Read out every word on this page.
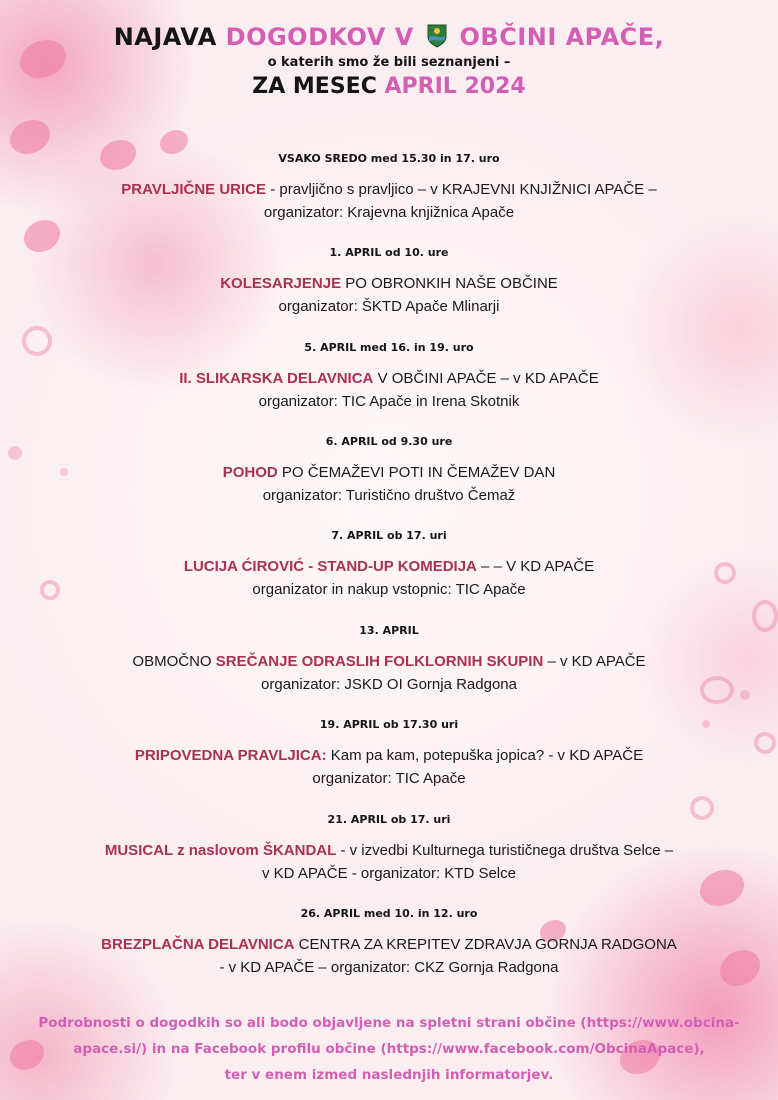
NAJAVA DOGODKOV V OBČINI APAČE,
o katerih smo že bili seznanjeni –
ZA MESEC APRIL 2024
VSAKO SREDO med 15.30 in 17. uro
PRAVLJIČNE URICE - pravljično s pravljico – v KRAJEVNI KNJIŽNICI APAČE –
organizator: Krajevna knjižnica Apače
1. APRIL od 10. ure
KOLESARJENJE PO OBRONKIH NAŠE OBČINE
organizator: ŠKTD Apače Mlinarji
5. APRIL med 16. in 19. uro
II. SLIKARSKA DELAVNICA V OBČINI APAČE – v KD APAČE
organizator: TIC Apače in Irena Skotnik
6. APRIL od 9.30 ure
POHOD PO ČEMAŽEVI POTI IN ČEMAŽEV DAN
organizator: Turistično društvo Čemaž
7. APRIL ob 17. uri
LUCIJA ĆIROVIĆ - STAND-UP KOMEDIJA – – V KD APAČE
organizator in nakup vstopnic: TIC Apače
13. APRIL
OBMOČNO SREČANJE ODRASLIH FOLKLORNIH SKUPIN – v KD APAČE
organizator: JSKD OI Gornja Radgona
19. APRIL ob 17.30 uri
PRIPOVEDNA PRAVLJICA: Kam pa kam, potepuška jopica? - v KD APAČE
organizator: TIC Apače
21. APRIL ob 17. uri
MUSICAL z naslovom ŠKANDAL - v izvedbi Kulturnega turističnega društva Selce –
v KD APAČE - organizator: KTD Selce
26. APRIL med 10. in 12. uro
BREZPLAČNA DELAVNICA CENTRA ZA KREPITEV ZDRAVJA GORNJA RADGONA
- v KD APAČE – organizator: CKZ Gornja Radgona
Podrobnosti o dogodkih so ali bodo objavljene na spletni strani občine (https://www.obcina-
apace.si/) in na Facebook profilu občine (https://www.facebook.com/ObcinaApace),
ter v enem izmed naslednjih informatorjev.
